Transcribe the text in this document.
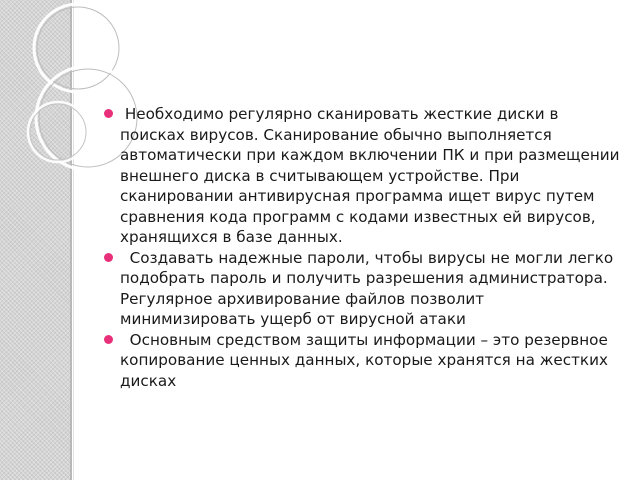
Необходимо регулярно сканировать жесткие диски в поисках вирусов. Сканирование обычно выполняется автоматически при каждом включении ПК и при размещении внешнего диска в считывающем устройстве. При сканировании антивирусная программа ищет вирус путем сравнения кода программ с кодами известных ей вирусов, хранящихся в базе данных.
Создавать надежные пароли, чтобы вирусы не могли легко подобрать пароль и получить разрешения администратора. Регулярное архивирование файлов позволит минимизировать ущерб от вирусной атаки
Основным средством защиты информации – это резервное копирование ценных данных, которые хранятся на жестких дисках
